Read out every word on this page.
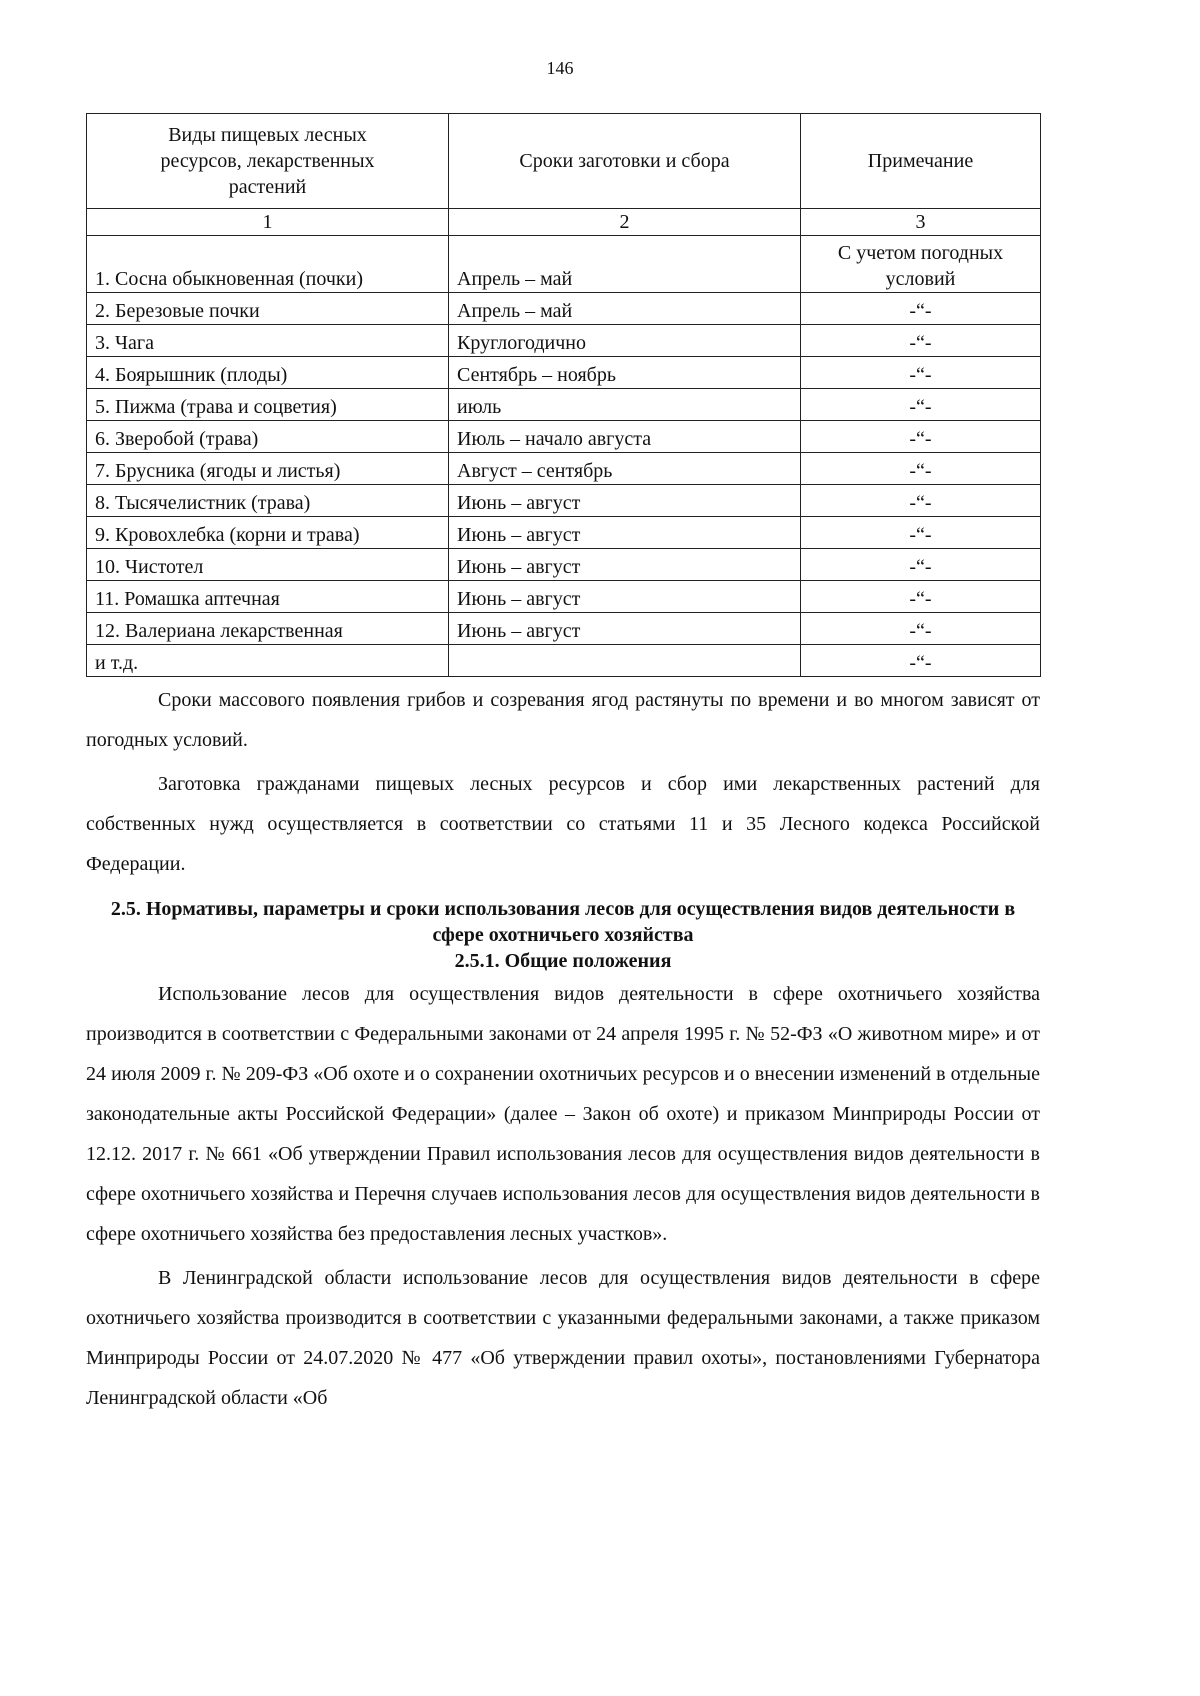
146
Виды пищевых лесных ресурсов, лекарственных растений	Сроки заготовки и сбора	Примечание
1	2	3
1. Сосна обыкновенная (почки)	Апрель – май	С учетом погодных условий
2. Березовые почки	Апрель – май	-“-
3. Чага	Круглогодично	-“-
4. Боярышник (плоды)	Сентябрь – ноябрь	-“-
5. Пижма (трава и соцветия)	июль	-“-
6. Зверобой (трава)	Июль – начало августа	-“-
7. Брусника (ягоды и листья)	Август – сентябрь	-“-
8. Тысячелистник (трава)	Июнь – август	-“-
9. Кровохлебка (корни и трава)	Июнь – август	-“-
10. Чистотел	Июнь – август	-“-
11. Ромашка аптечная	Июнь – август	-“-
12. Валериана лекарственная	Июнь – август	-“-
и т.д.		-“-

Сроки массового появления грибов и созревания ягод растянуты по времени и во многом зависят от погодных условий.

Заготовка гражданами пищевых лесных ресурсов и сбор ими лекарственных растений для собственных нужд осуществляется в соответствии со статьями 11 и 35 Лесного кодекса Российской Федерации.

2.5. Нормативы, параметры и сроки использования лесов для осуществления видов деятельности в сфере охотничьего хозяйства
2.5.1. Общие положения

Использование лесов для осуществления видов деятельности в сфере охотничьего хозяйства производится в соответствии с Федеральными законами от 24 апреля 1995 г. № 52-ФЗ «О животном мире» и от 24 июля 2009 г. № 209-ФЗ «Об охоте и о сохранении охотничьих ресурсов и о внесении изменений в отдельные законодательные акты Российской Федерации» (далее – Закон об охоте) и приказом Минприроды России от 12.12. 2017 г. № 661 «Об утверждении Правил использования лесов для осуществления видов деятельности в сфере охотничьего хозяйства и Перечня случаев использования лесов для осуществления видов деятельности в сфере охотничьего хозяйства без предоставления лесных участков».

В Ленинградской области использование лесов для осуществления видов деятельности в сфере охотничьего хозяйства производится в соответствии с указанными федеральными законами, а также приказом Минприроды России от 24.07.2020 № 477 «Об утверждении правил охоты», постановлениями Губернатора Ленинградской области «Об
